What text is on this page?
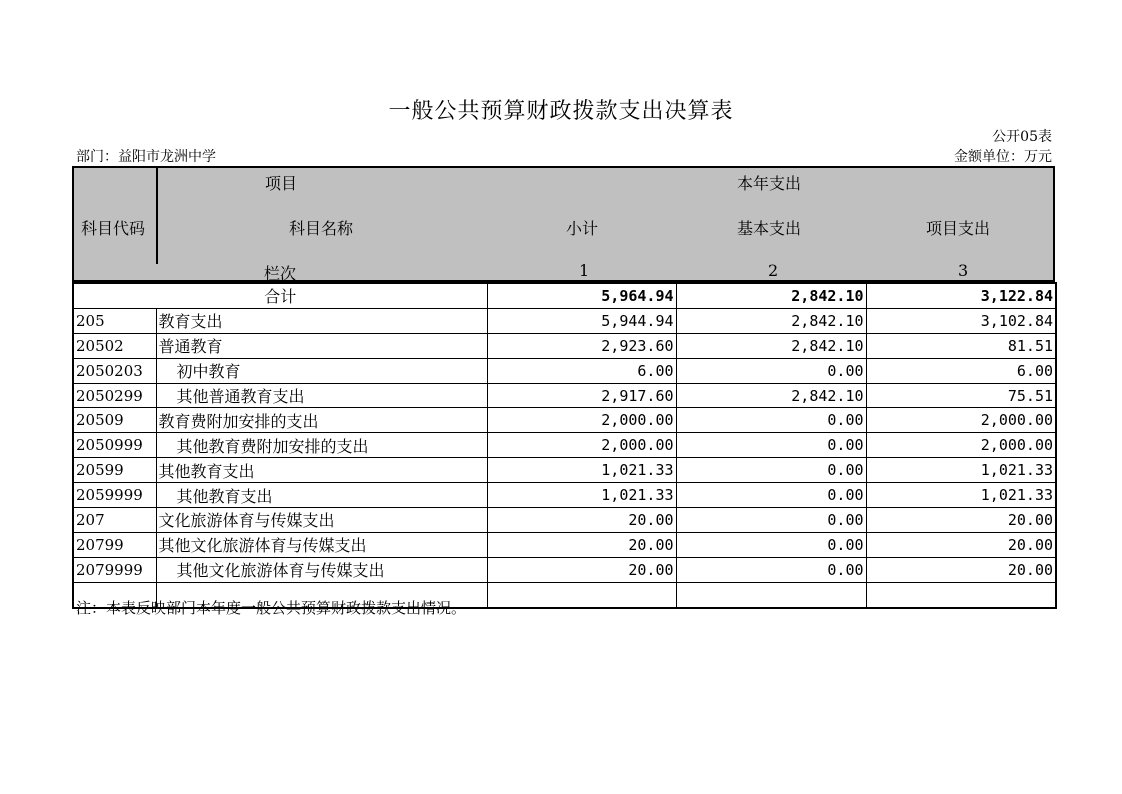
一般公共预算财政拨款支出决算表
公开05表
部门：益阳市龙洲中学	金额单位：万元
项目	本年支出
科目代码	科目名称	小计	基本支出	项目支出
栏次	1	2	3
合计		5,964.94	2,842.10	3,122.84
205	教育支出	5,944.94	2,842.10	3,102.84
20502	普通教育	2,923.60	2,842.10	81.51
2050203	初中教育	6.00	0.00	6.00
2050299	其他普通教育支出	2,917.60	2,842.10	75.51
20509	教育费附加安排的支出	2,000.00	0.00	2,000.00
2050999	其他教育费附加安排的支出	2,000.00	0.00	2,000.00
20599	其他教育支出	1,021.33	0.00	1,021.33
2059999	其他教育支出	1,021.33	0.00	1,021.33
207	文化旅游体育与传媒支出	20.00	0.00	20.00
20799	其他文化旅游体育与传媒支出	20.00	0.00	20.00
2079999	其他文化旅游体育与传媒支出	20.00	0.00	20.00

注：本表反映部门本年度一般公共预算财政拨款支出情况。
